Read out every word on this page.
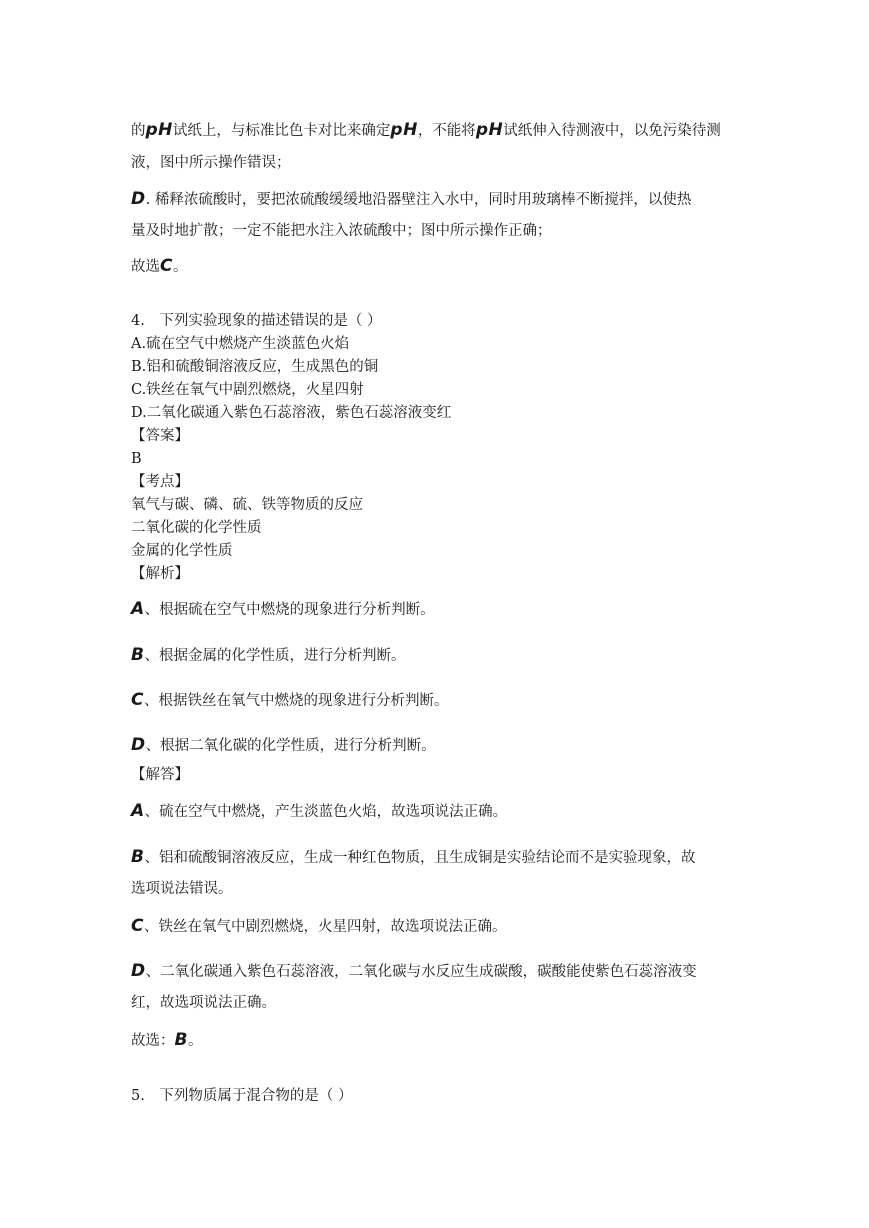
的pH试纸上，与标准比色卡对比来确定pH，不能将pH试纸伸入待测液中，以免污染待测
液，图中所示操作错误；
D. 稀释浓硫酸时，要把浓硫酸缓缓地沿器壁注入水中，同时用玻璃棒不断搅拌，以使热
量及时地扩散；一定不能把水注入浓硫酸中；图中所示操作正确；
故选C。
4.　下列实验现象的描述错误的是（ ）
A.硫在空气中燃烧产生淡蓝色火焰
B.铝和硫酸铜溶液反应，生成黑色的铜
C.铁丝在氧气中剧烈燃烧，火星四射
D.二氧化碳通入紫色石蕊溶液，紫色石蕊溶液变红
【答案】
B
【考点】
氧气与碳、磷、硫、铁等物质的反应
二氧化碳的化学性质
金属的化学性质
【解析】
A、根据硫在空气中燃烧的现象进行分析判断。
B、根据金属的化学性质，进行分析判断。
C、根据铁丝在氧气中燃烧的现象进行分析判断。
D、根据二氧化碳的化学性质，进行分析判断。
【解答】
A、硫在空气中燃烧，产生淡蓝色火焰，故选项说法正确。
B、铝和硫酸铜溶液反应，生成一种红色物质，且生成铜是实验结论而不是实验现象，故
选项说法错误。
C、铁丝在氧气中剧烈燃烧，火星四射，故选项说法正确。
D、二氧化碳通入紫色石蕊溶液，二氧化碳与水反应生成碳酸，碳酸能使紫色石蕊溶液变
红，故选项说法正确。
故选：B。
5.　下列物质属于混合物的是（ ）
